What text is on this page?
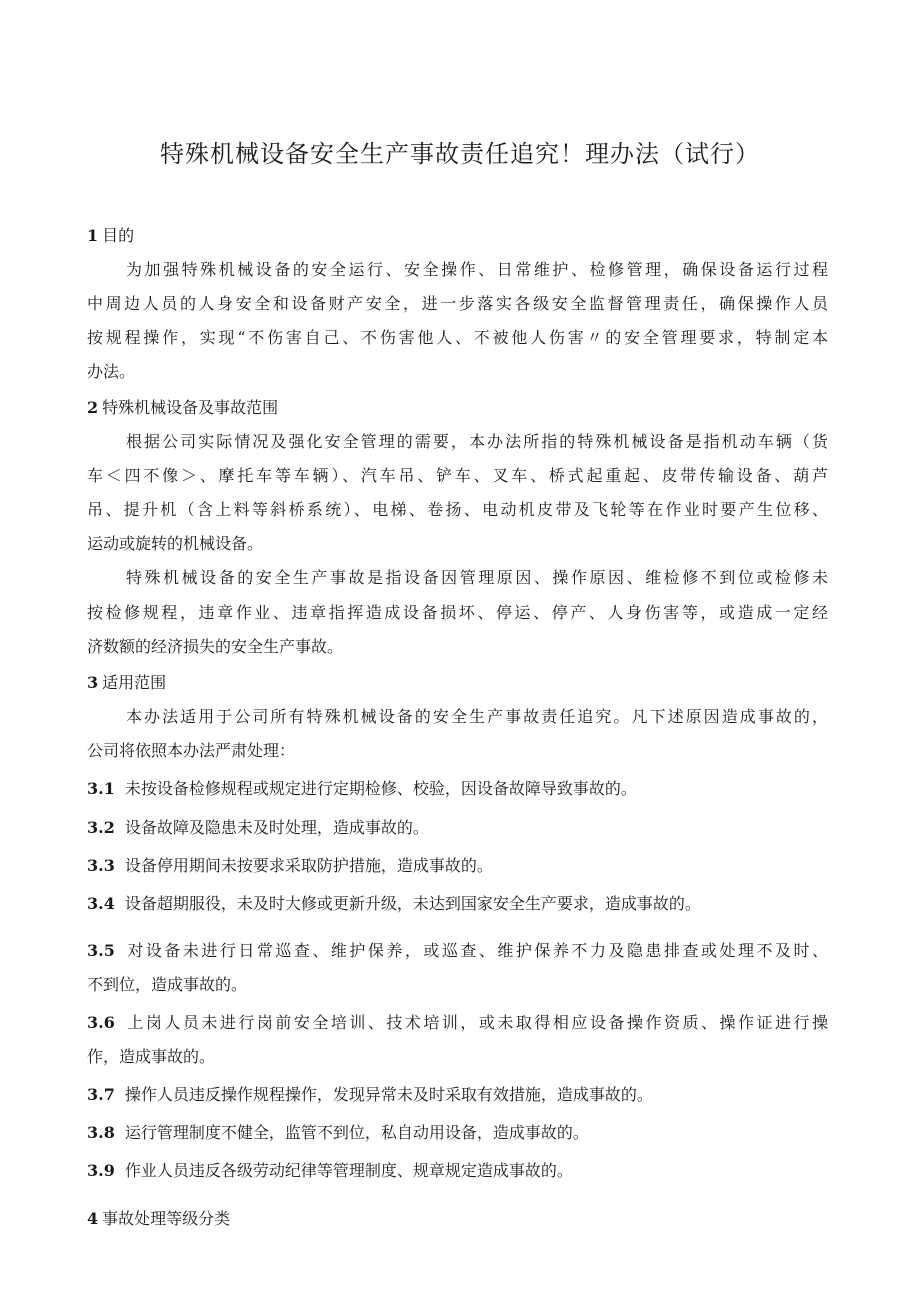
特殊机械设备安全生产事故责任追究！理办法（试行）
1 目的
为加强特殊机械设备的安全运行、安全操作、日常维护、检修管理，确保设备运行过程
中周边人员的人身安全和设备财产安全，进一步落实各级安全监督管理责任，确保操作人员
按规程操作，实现“不伤害自己、不伤害他人、不被他人伤害〃的安全管理要求，特制定本
办法。
2 特殊机械设备及事故范围
根据公司实际情况及强化安全管理的需要，本办法所指的特殊机械设备是指机动车辆（货
车＜四不像＞、摩托车等车辆）、汽车吊、铲车、叉车、桥式起重起、皮带传输设备、葫芦
吊、提升机（含上料等斜桥系统）、电梯、卷扬、电动机皮带及飞轮等在作业时要产生位移、
运动或旋转的机械设备。
特殊机械设备的安全生产事故是指设备因管理原因、操作原因、维检修不到位或检修未
按检修规程，违章作业、违章指挥造成设备损坏、停运、停产、人身伤害等，或造成一定经
济数额的经济损失的安全生产事故。
3 适用范围
本办法适用于公司所有特殊机械设备的安全生产事故责任追究。凡下述原因造成事故的，
公司将依照本办法严肃处理：
3.1 未按设备检修规程或规定进行定期检修、校验，因设备故障导致事故的。
3.2 设备故障及隐患未及时处理，造成事故的。
3.3 设备停用期间未按要求采取防护措施，造成事故的。
3.4 设备超期服役，未及时大修或更新升级，未达到国家安全生产要求，造成事故的。
3.5 对设备未进行日常巡查、维护保养，或巡查、维护保养不力及隐患排查或处理不及时、
不到位，造成事故的。
3.6 上岗人员未进行岗前安全培训、技术培训，或未取得相应设备操作资质、操作证进行操
作，造成事故的。
3.7 操作人员违反操作规程操作，发现异常未及时采取有效措施，造成事故的。
3.8 运行管理制度不健全，监管不到位，私自动用设备，造成事故的。
3.9 作业人员违反各级劳动纪律等管理制度、规章规定造成事故的。
4 事故处理等级分类
